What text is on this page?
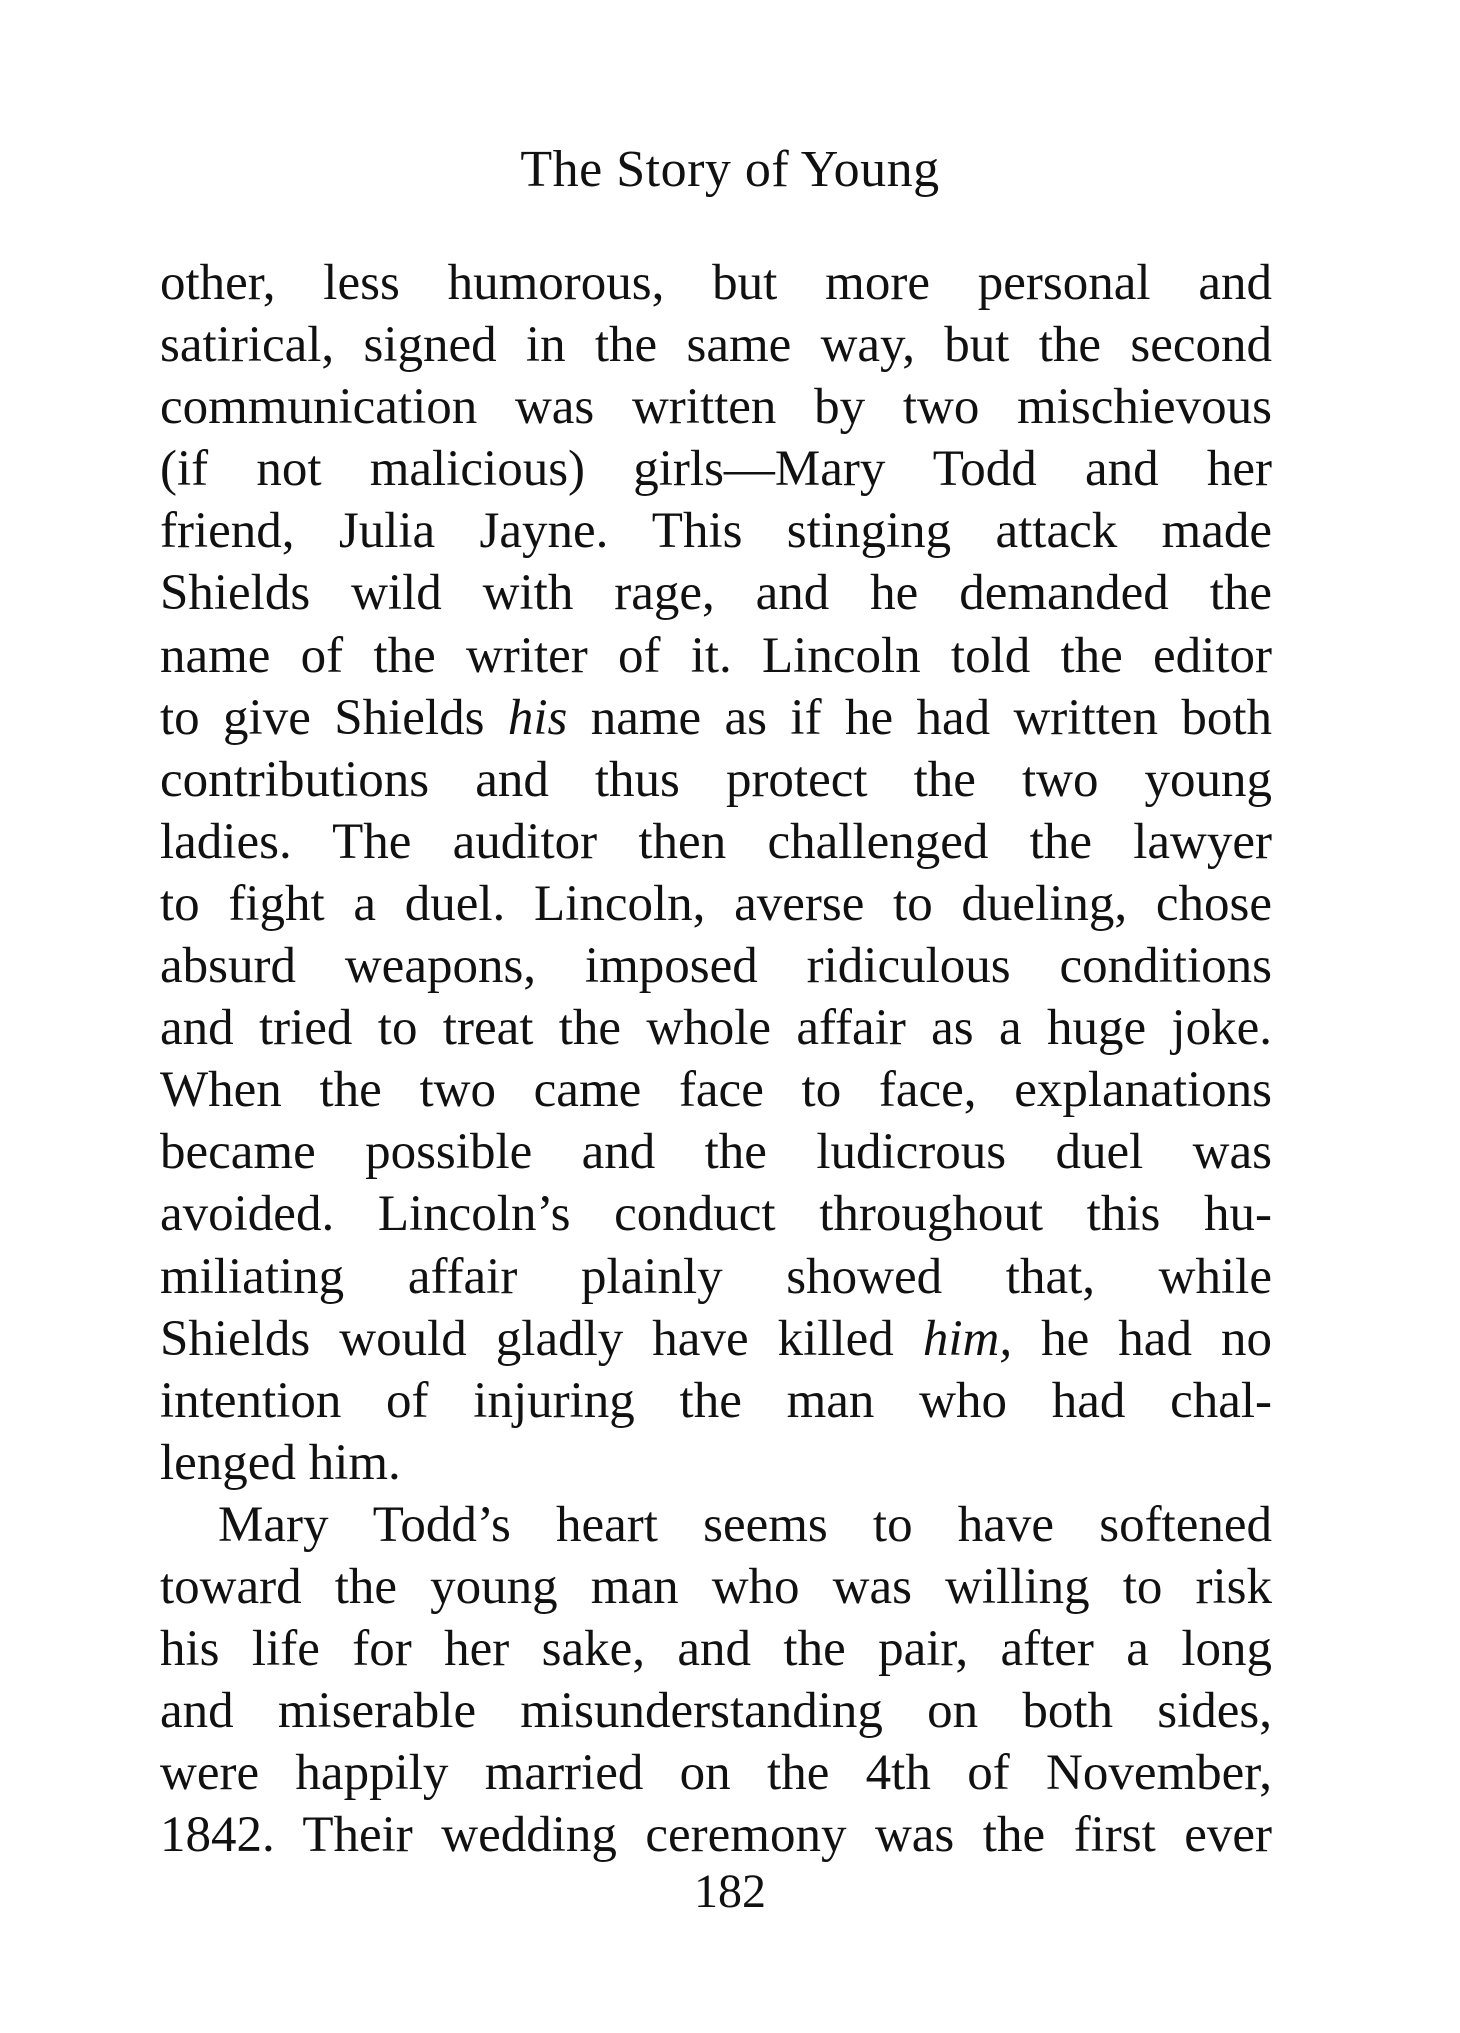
The Story of Young
other, less humorous, but more personal and
satirical, signed in the same way, but the second
communication was written by two mischievous
(if not malicious) girls—Mary Todd and her
friend, Julia Jayne. This stinging attack made
Shields wild with rage, and he demanded the
name of the writer of it. Lincoln told the editor
to give Shields his name as if he had written both
contributions and thus protect the two young
ladies. The auditor then challenged the lawyer
to fight a duel. Lincoln, averse to dueling, chose
absurd weapons, imposed ridiculous conditions
and tried to treat the whole affair as a huge joke.
When the two came face to face, explanations
became possible and the ludicrous duel was
avoided. Lincoln’s conduct throughout this hu-
miliating affair plainly showed that, while
Shields would gladly have killed him, he had no
intention of injuring the man who had chal-
lenged him.
Mary Todd’s heart seems to have softened
toward the young man who was willing to risk
his life for her sake, and the pair, after a long
and miserable misunderstanding on both sides,
were happily married on the 4th of November,
1842. Their wedding ceremony was the first ever
182
